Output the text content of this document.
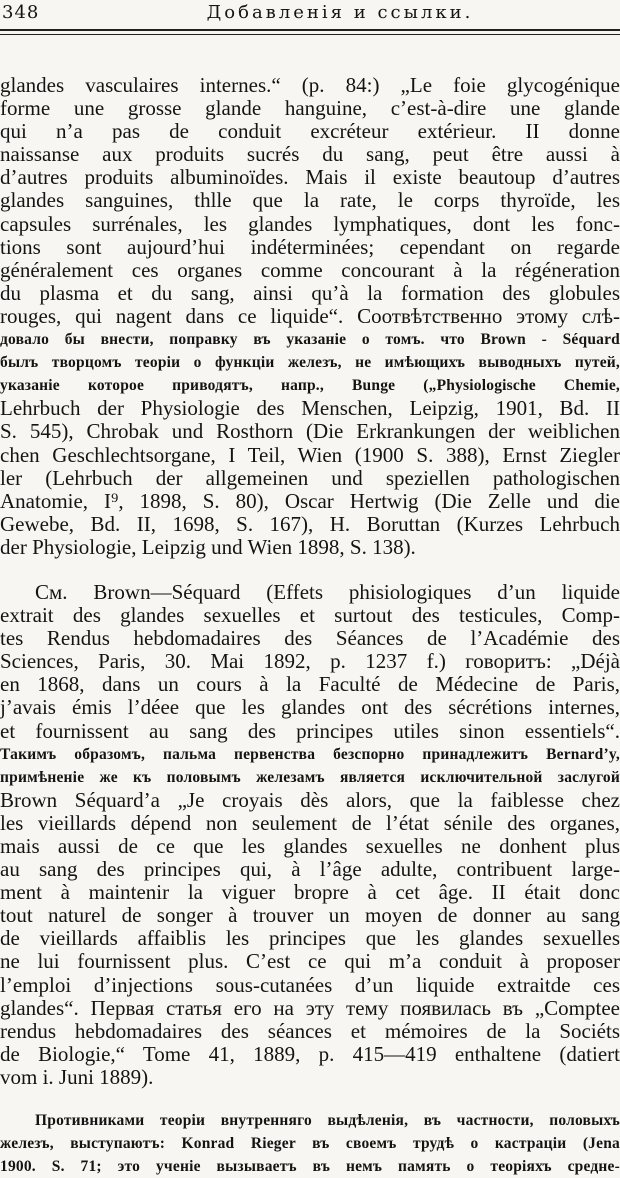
348	Добавленія и ссылки.
glandes vasculaires internes.“ (p. 84:) „Le foie glycogénique
forme une grosse glande hanguine, c’est-à-dire une glande
qui n’a pas de conduit excréteur extérieur. II donne
naissanse aux produits sucrés du sang, peut être aussi à
d’autres produits albuminoïdes. Mais il existe beautoup d’autres
glandes sanguines, thlle que la rate, le corps thyroïde, les
capsules surrénales, les glandes lymphatiques, dont les fonc-
tions sont aujourd’hui indéterminées; cependant on regarde
généralement ces organes comme concourant à la régéneration
du plasma et du sang, ainsi qu’à la formation des globules
rouges, qui nagent dans ce liquide“. Соотвѣтственно этому слѣ-
довало бы внести, поправку въ указаніе о томъ. что Brown - Séquard
былъ творцомъ теоріи о функціи железъ, не имѣющихъ выводныхъ путей,
указаніе которое приводятъ, напр., Bunge („Physiologische Chemie,
Lehrbuch der Physiologie des Menschen, Leipzig, 1901, Bd. II
S. 545), Chrobak und Rosthorn (Die Erkrankungen der weiblichen
chen Geschlechtsorgane, I Teil, Wien (1900 S. 388), Ernst Ziegler
ler (Lehrbuch der allgemeinen und speziellen pathologischen
Anatomie, I⁹, 1898, S. 80), Oscar Hertwig (Die Zelle und die
Gewebe, Bd. II, 1698, S. 167), H. Boruttan (Kurzes Lehrbuch
der Physiologie, Leipzig und Wien 1898, S. 138).
См. Brown—Séquard (Effets phisiologiques d’un liquide
extrait des glandes sexuelles et surtout des testicules, Comp-
tes Rendus hebdomadaires des Séances de l’Académie des
Sciences, Paris, 30. Mai 1892, p. 1237 f.) говоритъ: „Déjà
en 1868, dans un cours à la Faculté de Médecine de Paris,
j’avais émis l’déee que les glandes ont des sécrétions internes,
et fournissent au sang des principes utiles sinon essentiels“.
Такимъ образомъ, пальма первенства безспорно принадлежитъ Bernard’y,
примѣненіе же къ половымъ железамъ является исключительной заслугой
Brown Séquard’a „Je croyais dès alors, que la faiblesse chez
les vieillards dépend non seulement de l’état sénile des organes,
mais aussi de ce que les glandes sexuelles ne donhent plus
au sang des principes qui, à l’âge adulte, contribuent large-
ment à maintenir la viguer bropre à cet âge. II était donc
tout naturel de songer à trouver un moyen de donner au sang
de vieillards affaiblis les principes que les glandes sexuelles
ne lui fournissent plus. C’est ce qui m’a conduit à proposer
l’emploi d’injections sous-cutanées d’un liquide extraitde ces
glandes“. Первая статья его на эту тему появилась въ „Comptee
rendus hebdomadaires des séances et mémoires de la Sociéts
de Biologie,“ Tome 41, 1889, p. 415—419 enthaltene (datiert
vom i. Juni 1889).
Противниками теоріи внутренняго выдѣленія, въ частности, половыхъ
железъ, выступаютъ: Konrad Rieger въ своемъ трудѣ о кастраціи (Jena
1900. S. 71; это ученіе вызываетъ въ немъ память о теоріяхъ средне-
